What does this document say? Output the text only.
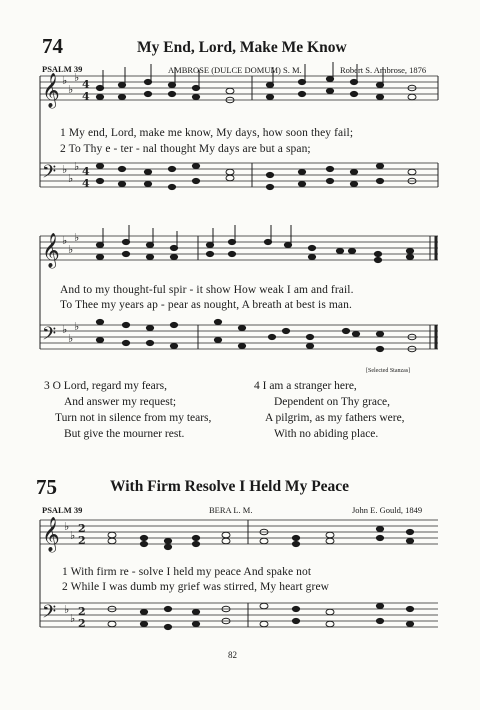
74	My End, Lord, Make Me Know
PSALM 39	AMBROSE (DULCE DOMUM) S. M.	Robert S. Ambrose, 1876
𝄞
𝄢
𝄞
𝄢
𝄞
𝄢
♭
♭
♭
♭
♭
♭
♭
♭
♭
♭
♭
♭
♭
♭
♭
♭
4
4
4
4
2
2
2
2
1 My end, Lord, make me know, My days, how soon they fail;
2 To Thy e - ter - nal thought My days are but a span;
And to my thought-ful spir - it show How weak I am and frail.
To Thee my years ap - pear as nought, A breath at best is man.
[Selected Stanzas]
3 O Lord, regard my fears,
And answer my request;
Turn not in silence from my tears,
But give the mourner rest.
4 I am a stranger here,
Dependent on Thy grace,
A pilgrim, as my fathers were,
With no abiding place.
75	With Firm Resolve I Held My Peace
PSALM 39	BERA L. M.	John E. Gould, 1849
1 With firm re - solve I held my peace And spake not
2 While I was dumb my grief was stirred, My heart grew
82
